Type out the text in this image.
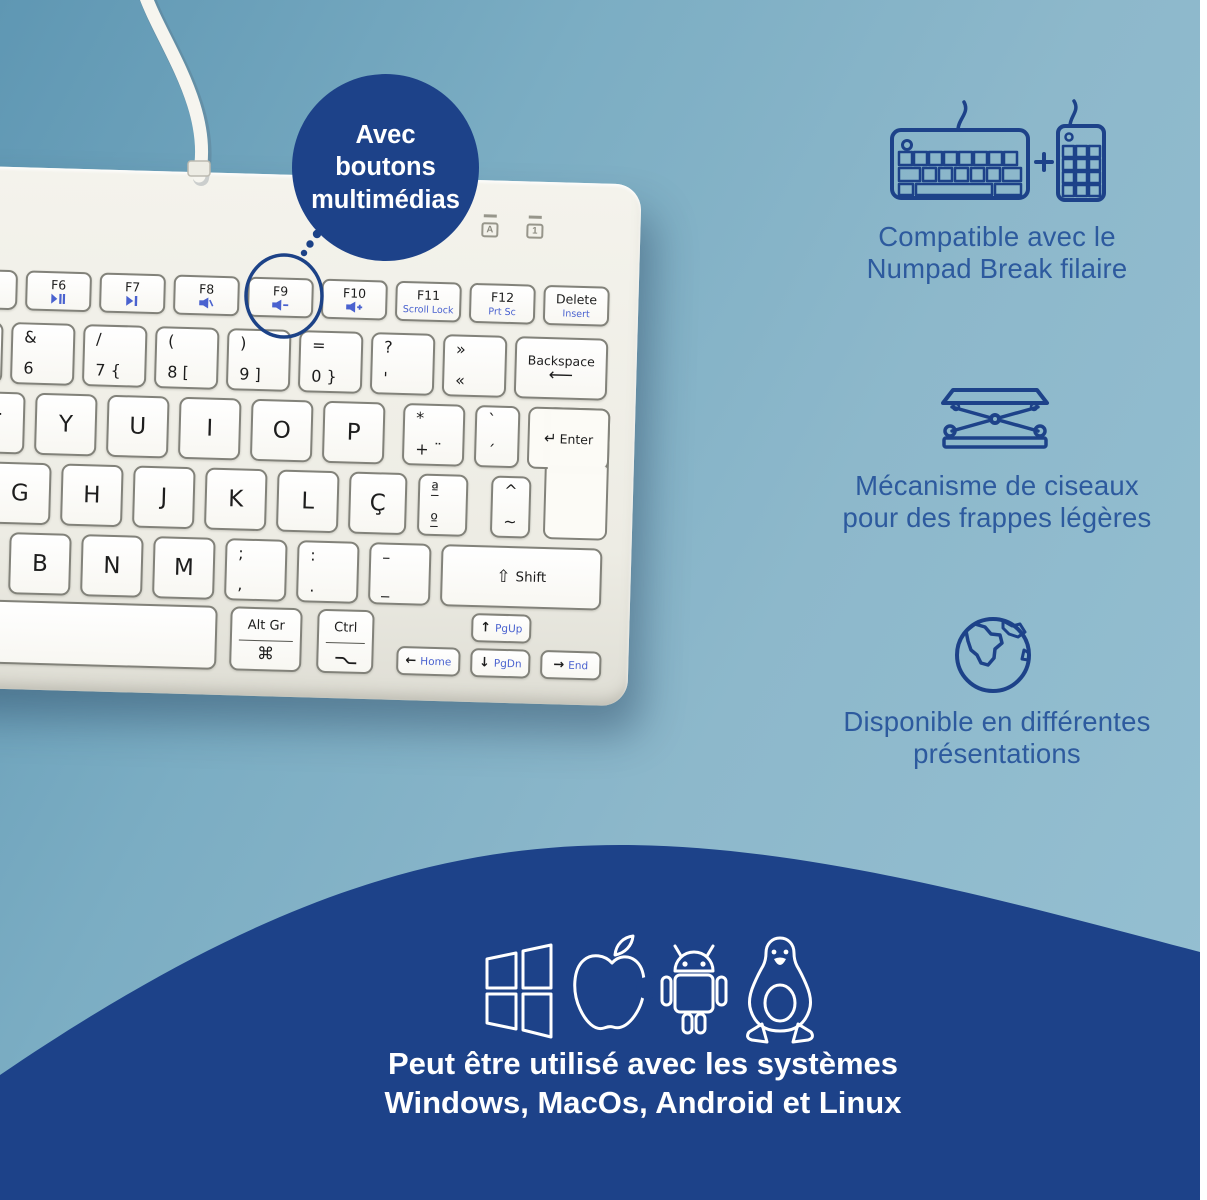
F6	F7	F8	F9	F10	F11
Scroll Lock
F12
Prt Sc
Delete
Insert
&
6
/
7 {
(
8 [
)
9 ]
=
0 }
?
'
»
«
Backspace
⟵
Y	U	I	O	P
*
+ ¨
`
´
↵ Enter
G	H	J	K	L	Ç
ª
º
^
~
B	N	M
;
,
:
.
–
_
⇧ Shift
Alt Gr
⌘
Ctrl
← Home
↑ PgUp
↓ PgDn → End
A	1
Avec
boutons
multimédias
Compatible avec le
Numpad Break filaire
Mécanisme de ciseaux
pour des frappes légères
Disponible en différentes
présentations
Peut être utilisé avec les systèmes
Windows, MacOs, Android et Linux
